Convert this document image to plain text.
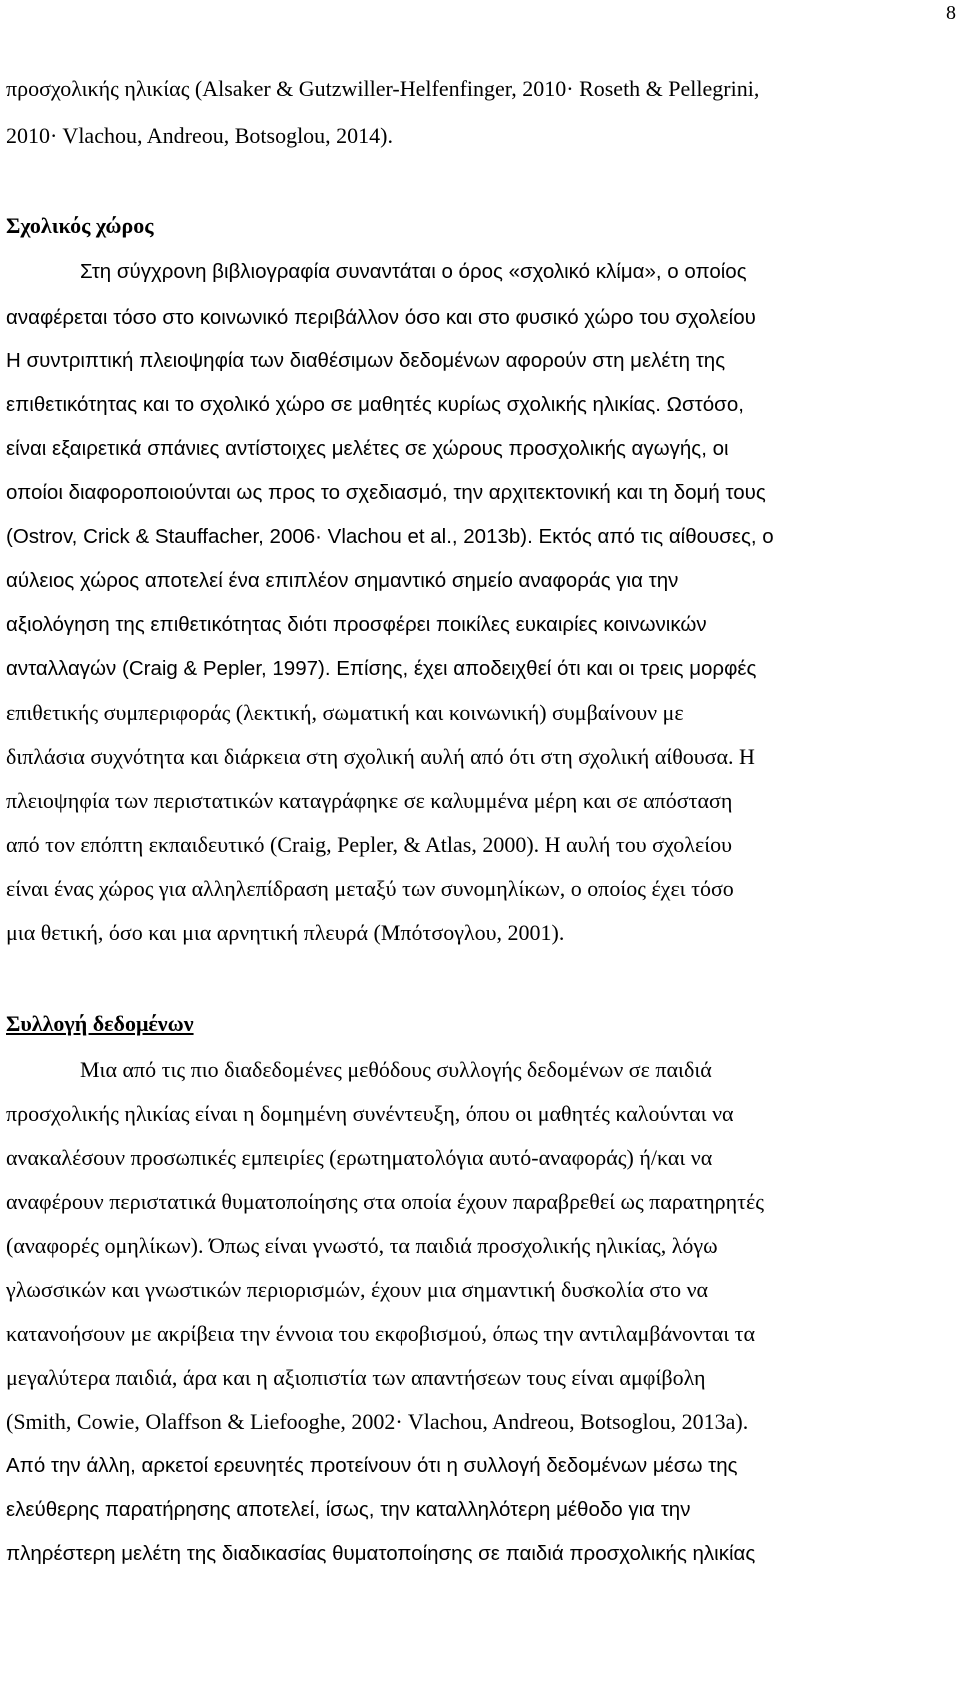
8
προσχολικής ηλικίας (Alsaker & Gutzwiller-Helfenfinger, 2010· Roseth & Pellegrini,
2010· Vlachou, Andreou, Botsoglou, 2014).
Σχολικός χώρος
Στη σύγχρονη βιβλιογραφία συναντάται ο όρος «σχολικό κλίμα», ο οποίος
αναφέρεται τόσο στο κοινωνικό περιβάλλον όσο και στο φυσικό χώρο του σχολείου
Η συντριπτική πλειοψηφία των διαθέσιμων δεδομένων αφορούν στη μελέτη της
επιθετικότητας και το σχολικό χώρο σε μαθητές κυρίως σχολικής ηλικίας. Ωστόσο,
είναι εξαιρετικά σπάνιες αντίστοιχες μελέτες σε χώρους προσχολικής αγωγής, οι
οποίοι διαφοροποιούνται ως προς το σχεδιασμό, την αρχιτεκτονική και τη δομή τους
(Ostrov, Crick & Stauffacher, 2006· Vlachou et al., 2013b). Εκτός από τις αίθουσες, ο
αύλειος χώρος αποτελεί ένα επιπλέον σημαντικό σημείο αναφοράς για την
αξιολόγηση της επιθετικότητας διότι προσφέρει ποικίλες ευκαιρίες κοινωνικών
ανταλλαγών (Craig & Pepler, 1997). Επίσης, έχει αποδειχθεί ότι και οι τρεις μορφές
επιθετικής συμπεριφοράς (λεκτική, σωματική και κοινωνική) συμβαίνουν με
διπλάσια συχνότητα και διάρκεια στη σχολική αυλή από ότι στη σχολική αίθουσα. Η
πλειοψηφία των περιστατικών καταγράφηκε σε καλυμμένα μέρη και σε απόσταση
από τον επόπτη εκπαιδευτικό (Craig, Pepler, & Atlas, 2000). Η αυλή του σχολείου
είναι ένας χώρος για αλληλεπίδραση μεταξύ των συνομηλίκων, ο οποίος έχει τόσο
μια θετική, όσο και μια αρνητική πλευρά (Μπότσογλου, 2001).
Συλλογή δεδομένων
Μια από τις πιο διαδεδομένες μεθόδους συλλογής δεδομένων σε παιδιά
προσχολικής ηλικίας είναι η δομημένη συνέντευξη, όπου οι μαθητές καλούνται να
ανακαλέσουν προσωπικές εμπειρίες (ερωτηματολόγια αυτό-αναφοράς) ή/και να
αναφέρουν περιστατικά θυματοποίησης στα οποία έχουν παραβρεθεί ως παρατηρητές
(αναφορές ομηλίκων). Όπως είναι γνωστό, τα παιδιά προσχολικής ηλικίας, λόγω
γλωσσικών και γνωστικών περιορισμών, έχουν μια σημαντική δυσκολία στο να
κατανοήσουν με ακρίβεια την έννοια του εκφοβισμού, όπως την αντιλαμβάνονται τα
μεγαλύτερα παιδιά, άρα και η αξιοπιστία των απαντήσεων τους είναι αμφίβολη
(Smith, Cowie, Olaffson & Liefooghe, 2002· Vlachou, Andreou, Botsoglou, 2013a).
Από την άλλη, αρκετοί ερευνητές προτείνουν ότι η συλλογή δεδομένων μέσω της
ελεύθερης παρατήρησης αποτελεί, ίσως, την καταλληλότερη μέθοδο για την
πληρέστερη μελέτη της διαδικασίας θυματοποίησης σε παιδιά προσχολικής ηλικίας
